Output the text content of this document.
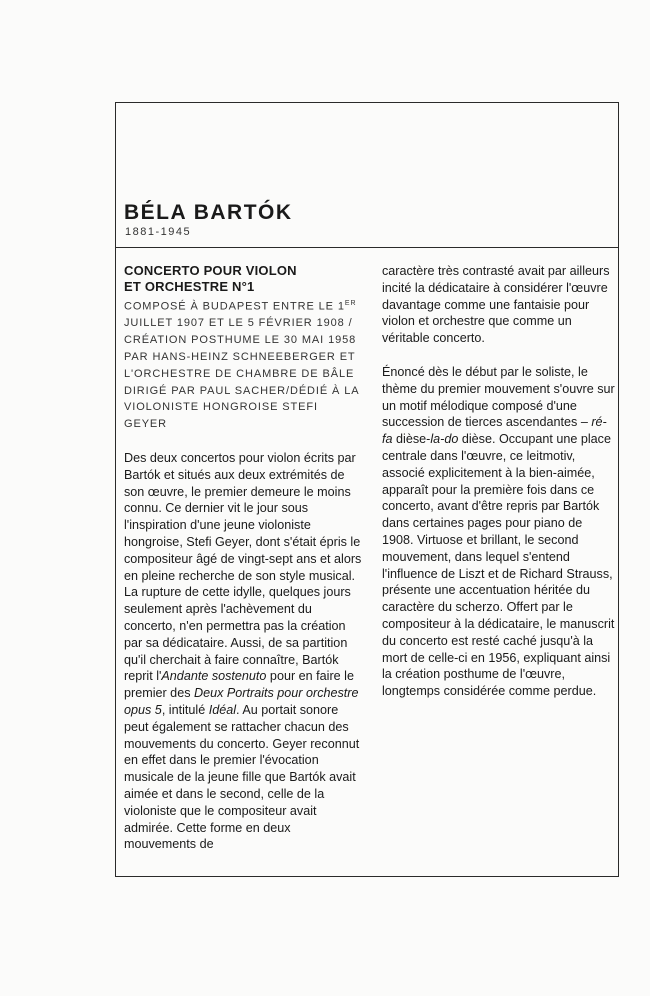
BÉLA BARTÓK
1881-1945
CONCERTO POUR VIOLON
ET ORCHESTRE N°1
COMPOSÉ À BUDAPEST ENTRE LE 1ER JUILLET 1907 ET LE 5 FÉVRIER 1908 / CRÉATION POSTHUME LE 30 MAI 1958 PAR HANS-HEINZ SCHNEEBERGER ET L'ORCHESTRE DE CHAMBRE DE BÂLE DIRIGÉ PAR PAUL SACHER/DÉDIÉ À LA VIOLONISTE HONGROISE STEFI GEYER

Des deux concertos pour violon écrits par Bartók et situés aux deux extrémités de son œuvre, le premier demeure le moins connu. Ce dernier vit le jour sous l'inspiration d'une jeune violoniste hongroise, Stefi Geyer, dont s'était épris le compositeur âgé de vingt-sept ans et alors en pleine recherche de son style musical.

La rupture de cette idylle, quelques jours seulement après l'achèvement du concerto, n'en permettra pas la création par sa dédicataire. Aussi, de sa partition qu'il cherchait à faire connaître, Bartók reprit l'Andante sostenuto pour en faire le premier des Deux Portraits pour orchestre opus 5, intitulé Idéal. Au portait sonore peut également se rattacher chacun des mouvements du concerto. Geyer reconnut en effet dans le premier l'évocation musicale de la jeune fille que Bartók avait aimée et dans le second, celle de la violoniste que le compositeur avait admirée. Cette forme en deux mouvements de

caractère très contrasté avait par ailleurs incité la dédicataire à considérer l'œuvre davantage comme une fantaisie pour violon et orchestre que comme un véritable concerto.

Énoncé dès le début par le soliste, le thème du premier mouvement s'ouvre sur un motif mélodique composé d'une succession de tierces ascendantes – ré-fa dièse-la-do dièse. Occupant une place centrale dans l'œuvre, ce leitmotiv, associé explicitement à la bien-aimée, apparaît pour la première fois dans ce concerto, avant d'être repris par Bartók dans certaines pages pour piano de 1908. Virtuose et brillant, le second mouvement, dans lequel s'entend l'influence de Liszt et de Richard Strauss, présente une accentuation héritée du caractère du scherzo. Offert par le compositeur à la dédicataire, le manuscrit du concerto est resté caché jusqu'à la mort de celle-ci en 1956, expliquant ainsi la création posthume de l'œuvre, longtemps considérée comme perdue.
